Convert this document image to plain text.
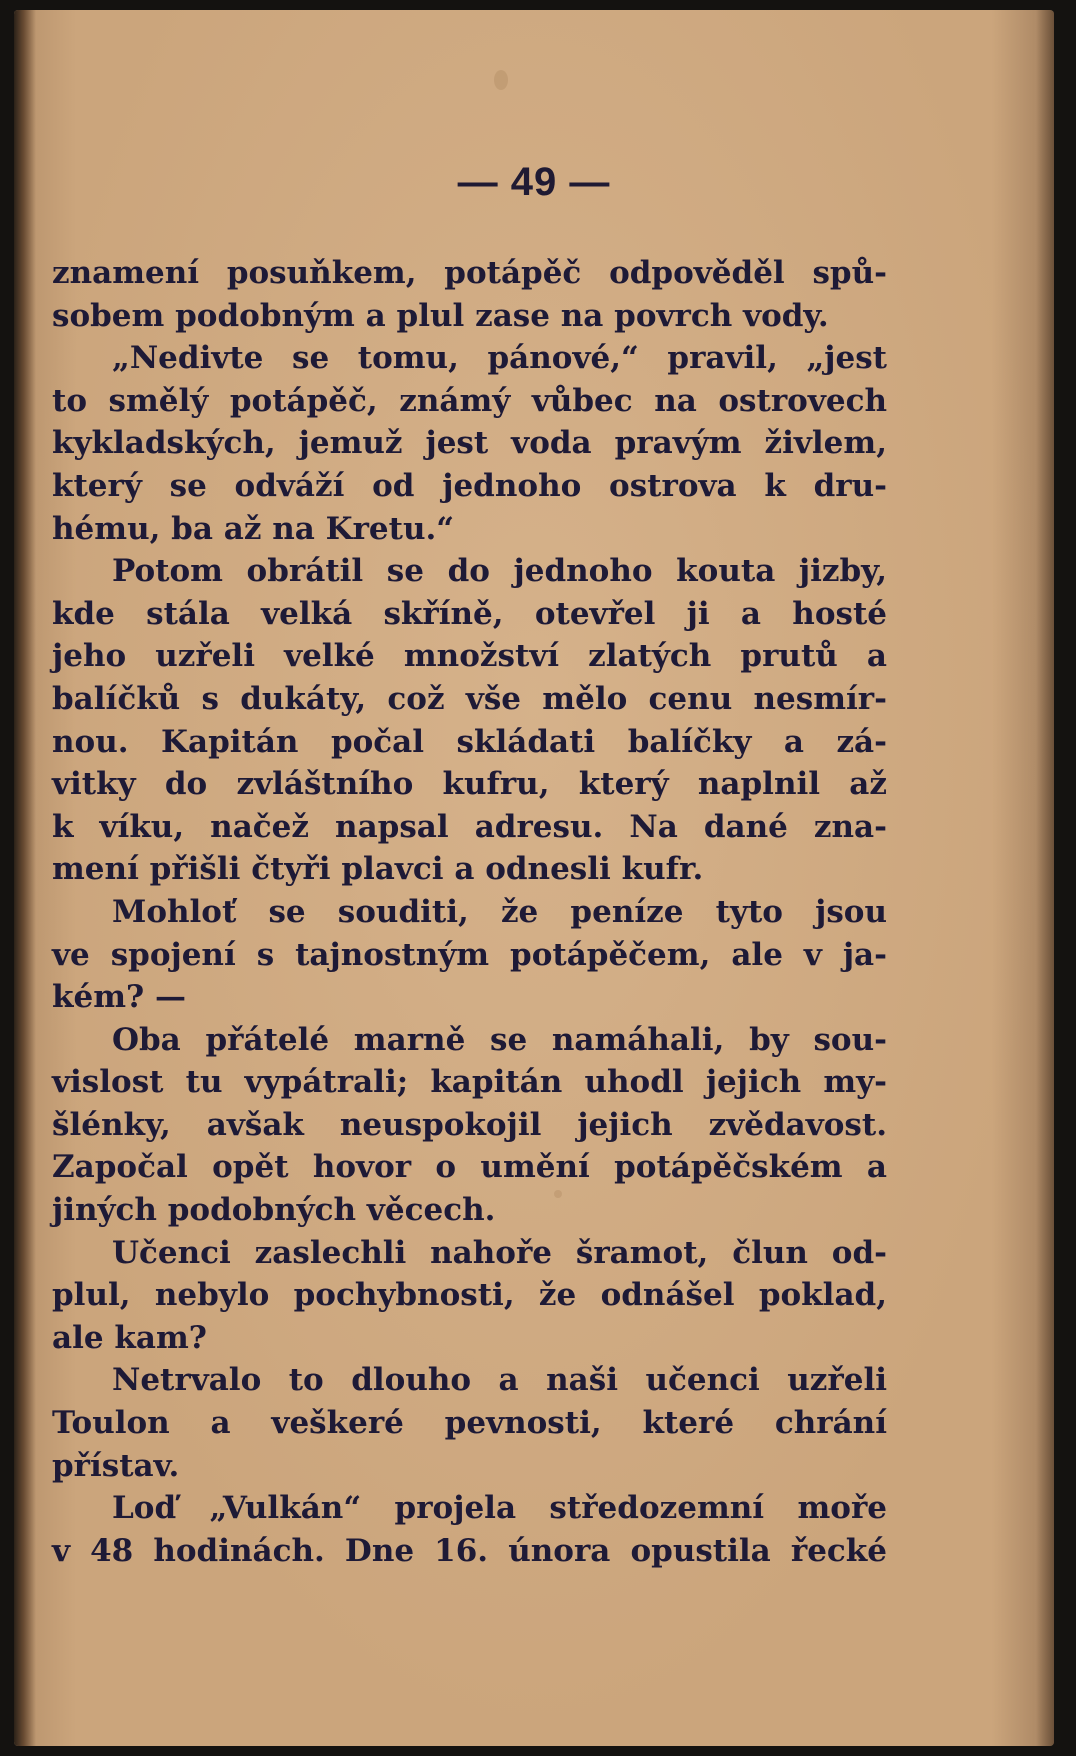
— 49 —
znamení posuňkem, potápěč odpověděl spů-
sobem podobným a plul zase na povrch vody.
„Nedivte se tomu, pánové,“ pravil, „jest
to smělý potápěč, známý vůbec na ostrovech
kykladských, jemuž jest voda pravým živlem,
který se odváží od jednoho ostrova k dru-
hému, ba až na Kretu.“
Potom obrátil se do jednoho kouta jizby,
kde stála velká skříně, otevřel ji a hosté
jeho uzřeli velké množství zlatých prutů a
balíčků s dukáty, což vše mělo cenu nesmír-
nou. Kapitán počal skládati balíčky a zá-
vitky do zvláštního kufru, který naplnil až
k víku, načež napsal adresu. Na dané zna-
mení přišli čtyři plavci a odnesli kufr.
Mohloť se souditi, že peníze tyto jsou
ve spojení s tajnostným potápěčem, ale v ja-
kém? —
Oba přátelé marně se namáhali, by sou-
vislost tu vypátrali; kapitán uhodl jejich my-
šlénky, avšak neuspokojil jejich zvědavost.
Započal opět hovor o umění potápěčském a
jiných podobných věcech.
Učenci zaslechli nahoře šramot, člun od-
plul, nebylo pochybnosti, že odnášel poklad,
ale kam?
Netrvalo to dlouho a naši učenci uzřeli
Toulon a veškeré pevnosti, které chrání
přístav.
Loď „Vulkán“ projela středozemní moře
v 48 hodinách. Dne 16. února opustila řecké
